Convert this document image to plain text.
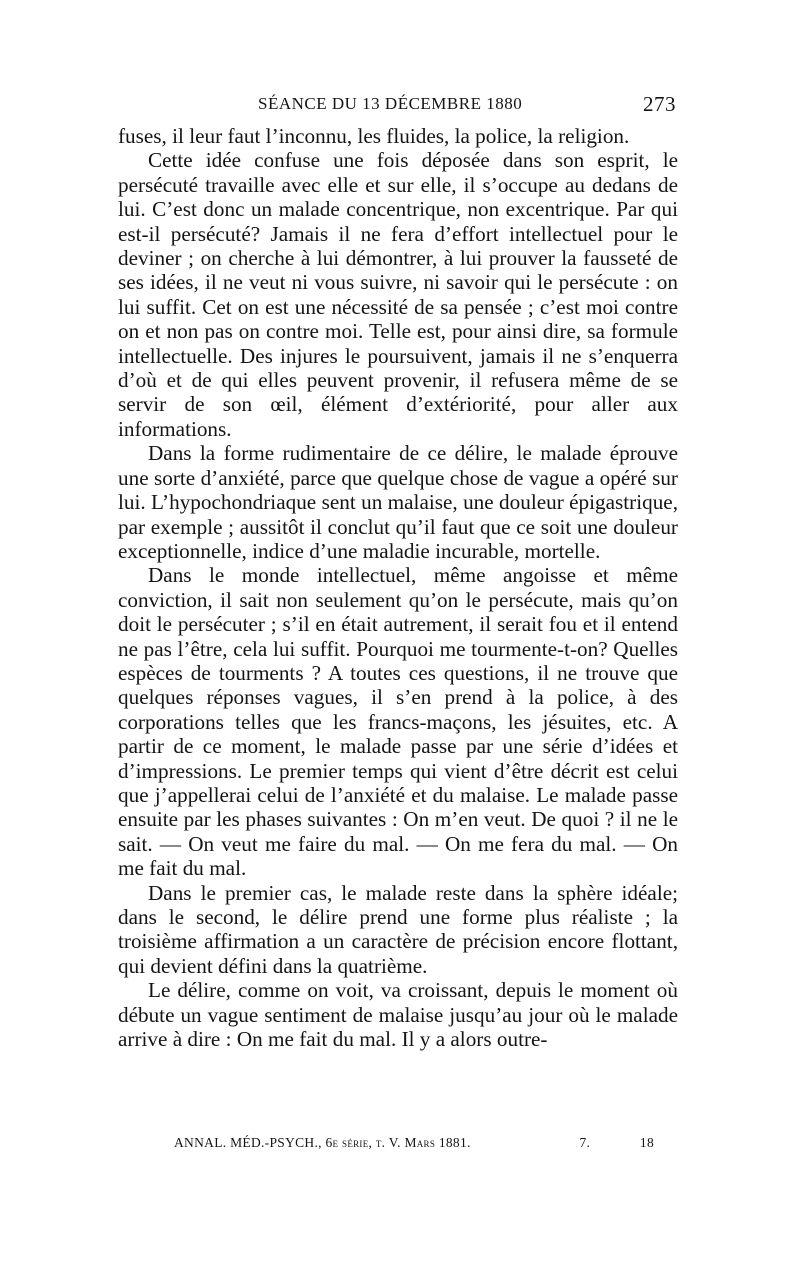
SÉANCE DU 13 DÉCEMBRE 1880	273

fuses, il leur faut l’inconnu, les fluides, la police, la religion.

Cette idée confuse une fois déposée dans son esprit, le persécuté travaille avec elle et sur elle, il s’occupe au dedans de lui. C’est donc un malade concentrique, non excentrique. Par qui est-il persécuté? Jamais il ne fera d’effort intellectuel pour le deviner ; on cherche à lui démontrer, à lui prouver la fausseté de ses idées, il ne veut ni vous suivre, ni savoir qui le persécute : on lui suffit. Cet on est une nécessité de sa pensée ; c’est moi contre on et non pas on contre moi. Telle est, pour ainsi dire, sa formule intellectuelle. Des injures le poursuivent, jamais il ne s’enquerra d’où et de qui elles peuvent provenir, il refusera même de se servir de son œil, élément d’extériorité, pour aller aux informations.

Dans la forme rudimentaire de ce délire, le malade éprouve une sorte d’anxiété, parce que quelque chose de vague a opéré sur lui. L’hypochondriaque sent un malaise, une douleur épigastrique, par exemple ; aussitôt il conclut qu’il faut que ce soit une douleur exceptionnelle, indice d’une maladie incurable, mortelle.

Dans le monde intellectuel, même angoisse et même conviction, il sait non seulement qu’on le persécute, mais qu’on doit le persécuter ; s’il en était autrement, il serait fou et il entend ne pas l’être, cela lui suffit. Pourquoi me tourmente-t-on? Quelles espèces de tourments ? A toutes ces questions, il ne trouve que quelques réponses vagues, il s’en prend à la police, à des corporations telles que les francs-maçons, les jésuites, etc. A partir de ce moment, le malade passe par une série d’idées et d’impressions. Le premier temps qui vient d’être décrit est celui que j’appellerai celui de l’anxiété et du malaise. Le malade passe ensuite par les phases suivantes : On m’en veut. De quoi ? il ne le sait. — On veut me faire du mal. — On me fera du mal. — On me fait du mal.

Dans le premier cas, le malade reste dans la sphère idéale; dans le second, le délire prend une forme plus réaliste ; la troisième affirmation a un caractère de précision encore flottant, qui devient défini dans la quatrième.

Le délire, comme on voit, va croissant, depuis le moment où débute un vague sentiment de malaise jusqu’au jour où le malade arrive à dire : On me fait du mal. Il y a alors outre-

ANNAL. MÉD.-PSYCH., 6e série, t. V. Mars 1881.	7.	18
